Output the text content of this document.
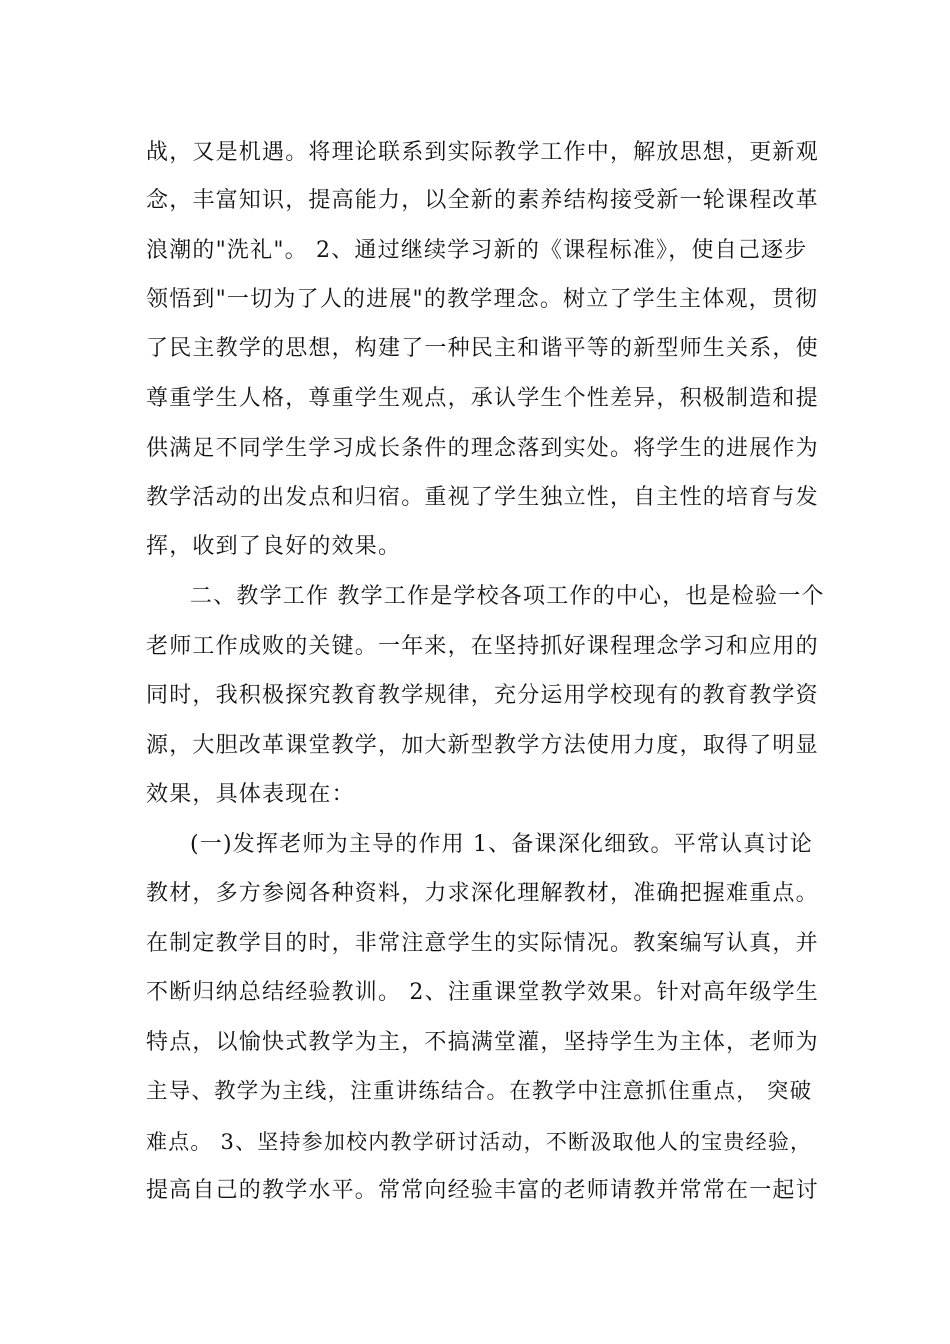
战，又是机遇。将理论联系到实际教学工作中，解放思想，更新观
念，丰富知识，提高能力，以全新的素养结构接受新一轮课程改革
浪潮的"洗礼"。 2、通过继续学习新的《课程标准》，使自己逐步
领悟到"一切为了人的进展"的教学理念。树立了学生主体观，贯彻
了民主教学的思想，构建了一种民主和谐平等的新型师生关系，使
尊重学生人格，尊重学生观点，承认学生个性差异，积极制造和提
供满足不同学生学习成长条件的理念落到实处。将学生的进展作为
教学活动的出发点和归宿。重视了学生独立性，自主性的培育与发
挥，收到了良好的效果。
二、教学工作 教学工作是学校各项工作的中心，也是检验一个
老师工作成败的关键。一年来，在坚持抓好课程理念学习和应用的
同时，我积极探究教育教学规律，充分运用学校现有的教育教学资
源，大胆改革课堂教学，加大新型教学方法使用力度，取得了明显
效果，具体表现在：
(一)发挥老师为主导的作用 1、备课深化细致。平常认真讨论
教材，多方参阅各种资料，力求深化理解教材，准确把握难重点。
在制定教学目的时，非常注意学生的实际情况。教案编写认真，并
不断归纳总结经验教训。 2、注重课堂教学效果。针对高年级学生
特点，以愉快式教学为主，不搞满堂灌，坚持学生为主体，老师为
主导、教学为主线，注重讲练结合。在教学中注意抓住重点， 突破
难点。 3、坚持参加校内教学研讨活动，不断汲取他人的宝贵经验，
提高自己的教学水平。常常向经验丰富的老师请教并常常在一起讨
